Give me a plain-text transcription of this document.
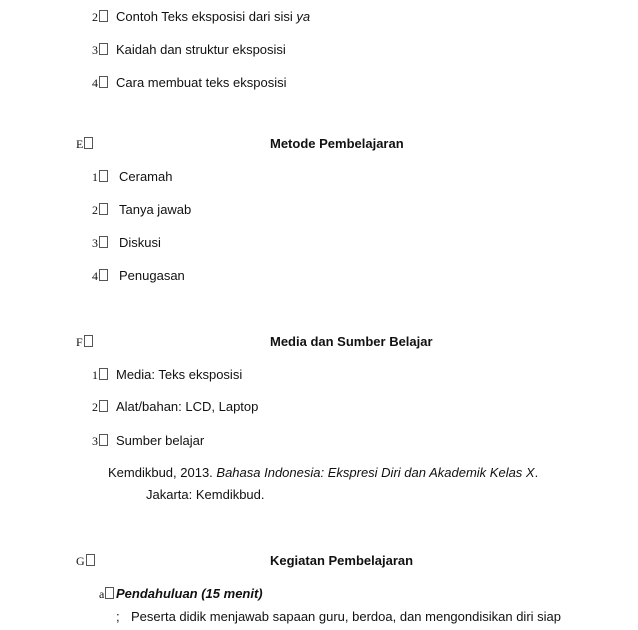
2	Contoh Teks eksposisi dari sisi ya
3	Kaidah dan struktur eksposisi
4	Cara membuat teks eksposisi
E	Metode Pembelajaran
1	Ceramah
2	Tanya jawab
3	Diskusi
4	Penugasan
F	Media dan Sumber Belajar
1	Media: Teks eksposisi
2	Alat/bahan: LCD, Laptop
3	Sumber belajar
Kemdikbud, 2013. Bahasa Indonesia: Ekspresi Diri dan Akademik Kelas X.
Jakarta: Kemdikbud.
G	Kegiatan Pembelajaran
a Pendahuluan (15 menit)
; Peserta didik menjawab sapaan guru, berdoa, dan mengondisikan diri siap
